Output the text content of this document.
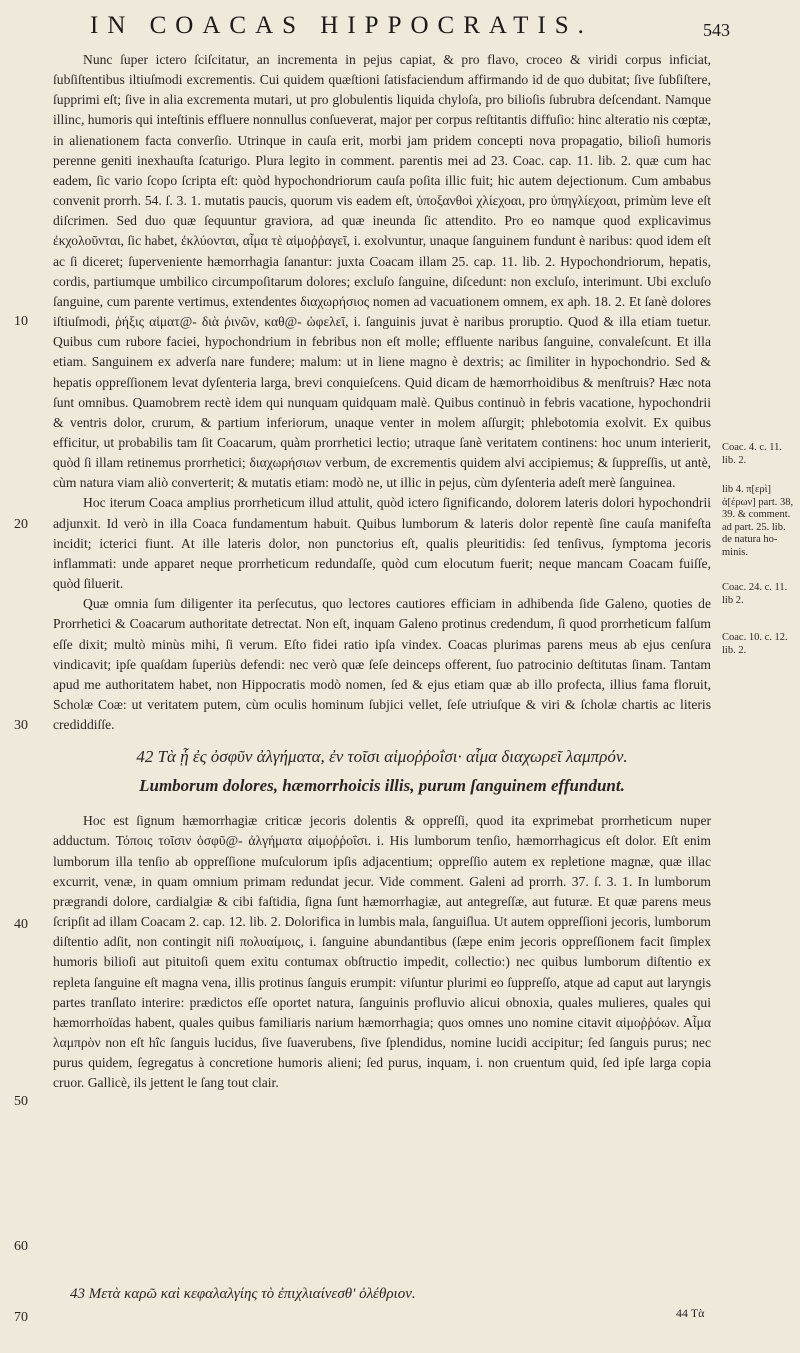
IN COACAS HIPPOCRATIS.	543
10
20
30
40
50
60
70

Nunc ſuper ictero ſciſcitatur, an incrementa in pejus capiat, & pro flavo, croceo & viridi corpus inficiat, ſubſiſtentibus iltiuſmodi excrementis. Cui quidem quæſtioni ſatisfaciendum affirmando id de quo dubitat; ſive ſubſiſtere, ſupprimi eſt; ſive in alia excrementa mutari, ut pro globulentis liquida chyloſa, pro bilioſis ſubrubra deſcendant. Namque illinc, humoris qui inteſtinis effluere nonnullus conſueverat, major per corpus reſtitantis diffuſio: hinc alteratio nis cœptæ, in alienationem facta converſio. Utrinque in cauſa erit, morbi jam pridem concepti nova propagatio, bilioſi humoris perenne geniti inexhauſta ſcaturigo. Plura legito in comment. parentis mei ad 23. Coac. cap. 11. lib. 2. quæ cum hac eadem, ſic vario ſcopo ſcripta eſt: quòd hypochondriorum cauſa poſita illic fuit; hic autem dejectionum. Cum ambabus convenit prorrh. 54. ſ. 3. 1. mutatis paucis, quorum vis eadem eſt, ὑποξανθοὶ χλίεχοαι, pro ὑπηγλίεχοαι, primùm leve eſt diſcrimen. Sed duo quæ ſequuntur graviora, ad quæ ineunda ſic attendito. Pro eo namque quod explicavimus ἐκχολοῦνται, ſic habet, ἐκλύονται, αἷμα τὲ αἱμοῤῥαγεῖ, i. exolvuntur, unaque ſanguinem fundunt è naribus: quod idem eſt ac ſi diceret; ſuperveniente hæmorrhagia ſanantur: juxta Coacam illam 25. cap. 11. lib. 2. Hypochondriorum, hepatis, cordis, partiumque umbilico circumpoſitarum dolores; excluſo ſanguine, diſcedunt: non excluſo, interimunt. Ubi excluſo ſanguine, cum parente vertimus, extendentes διαχωρήσιος nomen ad vacuationem omnem, ex aph. 18. 2. Et ſanè dolores iſtiuſmodi, ῥήξις αἱματ@- διὰ ῥινῶν, καθ@- ὠφελεῖ, i. ſanguinis juvat è naribus proruptio. Quod & illa etiam tuetur. Quibus cum rubore faciei, hypochondrium in febribus non eſt molle; effluente naribus ſanguine, convaleſcunt. Et illa etiam. Sanguinem ex adverſa nare fundere; malum: ut in liene magno è dextris; ac ſimiliter in hypochondrio. Sed & hepatis oppreſſionem levat dyſenteria larga, brevi conquieſcens. Quid dicam de hæmorrhoidibus & menſtruis? Hæc nota ſunt omnibus. Quamobrem rectè idem qui nunquam quidquam malè. Quibus continuò in febris vacatione, hypochondrii & ventris dolor, crurum, & partium inferiorum, unaque venter in molem aſſurgit; phlebotomia exolvit. Ex quibus efficitur, ut probabilis tam ſit Coacarum, quàm prorrhetici lectio; utraque ſanè veritatem continens: hoc unum interierit, quòd ſi illam retinemus prorrhetici; διαχωρήσιων verbum, de excrementis quidem alvi accipiemus; & ſuppreſſis, ut antè, cùm natura viam aliò converterit; & mutatis etiam: modò ne, ut illic in pejus, cùm dyſenteria adeſt merè ſanguinea.

Hoc iterum Coaca amplius prorrheticum illud attulit, quòd ictero ſignificando, dolorem lateris dolori hypochondrii adjunxit. Id verò in illa Coaca fundamentum habuit. Quibus lumborum & lateris dolor repentè ſine cauſa manifeſta incidit; icterici fiunt. At ille lateris dolor, non punctorius eſt, qualis pleuritidis: ſed tenſivus, ſymptoma jecoris inflammati: unde apparet neque prorrheticum redundaſſe, quòd cum elocutum fuerit; neque mancam Coacam fuiſſe, quòd ſiluerit.

Quæ omnia ſum diligenter ita perſecutus, quo lectores cautiores efficiam in adhibenda ſide Galeno, quoties de Prorrhetici & Coacarum authoritate detrectat. Non eſt, inquam Galeno protinus credendum, ſi quod prorrheticum falſum eſſe dixit; multò minùs mihi, ſi verum. Eſto fidei ratio ipſa vindex. Coacas plurimas parens meus ab ejus cenſura vindicavit; ipſe quaſdam ſuperiùs defendi: nec verò quæ ſeſe deinceps offerent, ſuo patrocinio deſtitutas ſinam. Tantam apud me authoritatem habet, non Hippocratis modò nomen, ſed & ejus etiam quæ ab illo profecta, illius fama floruit, Scholæ Coæ: ut veritatem putem, cùm oculis hominum ſubjici vellet, ſeſe utriuſque & viri & ſcholæ chartis ac literis crediddiſſe.

42 Τὰ ᾗ ἐς ὀσφῦν ἀλγήματα, ἐν τοῖσι αἱμοῤῥοΐσι· αἷμα διαχωρεῖ λαμπρόν.
Lumborum dolores, hæmorrhoicis illis, purum ſanguinem effundunt.

Hoc est ſignum hæmorrhagiæ criticæ jecoris dolentis & oppreſſi, quod ita exprimebat prorrheticum nuper adductum. Τόποις τοῖσιν ὀσφῦ@- ἀλγήματα αἱμοῤῥοΐσι. i. His lumborum tenſio, hæmorrhagicus eſt dolor. Eſt enim lumborum illa tenſio ab oppreſſione muſculorum ipſis adjacentium; oppreſſio autem ex repletione magnæ, quæ illac excurrit, venæ, in quam omnium primam redundat jecur. Vide comment. Galeni ad prorrh. 37. ſ. 3. 1. In lumborum prægrandi dolore, cardialgiæ & cibi faſtidia, ſigna ſunt hæmorrhagiæ, aut antegreſſæ, aut futuræ. Et quæ parens meus ſcripſit ad illam Coacam 2. cap. 12. lib. 2. Dolorifica in lumbis mala, ſanguiſlua. Ut autem oppreſſioni jecoris, lumborum diſtentio adſit, non contingit niſi πολυαίμοις, i. ſanguine abundantibus (ſæpe enim jecoris oppreſſionem facit ſimplex humoris bilioſi aut pituitoſi quem exitu contumax obſtructio impedit, collectio:) nec quibus lumborum diſtentio ex repleta ſanguine eſt magna vena, illis protinus ſanguis erumpit: viſuntur plurimi eo ſuppreſſo, atque ad caput aut laryngis partes tranſlato interire: prædictos eſſe oportet natura, ſanguinis profluvio alicui obnoxia, quales mulieres, quales qui hæmorrhoïdas habent, quales quibus familiaris narium hæmorrhagia; quos omnes uno nomine citavit αἱμοῤῥόων. Αἷμα λαμπρὸν non eſt hîc ſanguis lucidus, ſive ſuaverubens, ſive ſplendidus, nomine lucidi accipitur; ſed ſanguis purus; nec purus quidem, ſegregatus à concretione humoris alieni; ſed purus, inquam, i. non cruentum quid, ſed ipſe larga copia cruor. Gallicè, ils jettent le ſang tout clair.

Coac. 4. c. 11. lib. 2.
lib 4. π[ερὶ] ἀ[έρων] part. 38, 39. & comment. ad part. 25. lib. de natura ho-minis.
Coac. 24. c. 11. lib 2.
Coac. 10. c. 12. lib. 2.
43 Μετὰ καρῶ καὶ κεφαλαλγίης τὸ ἐπιχλιαίνεσθ' ὀλέθριον.
44 Τὰ
